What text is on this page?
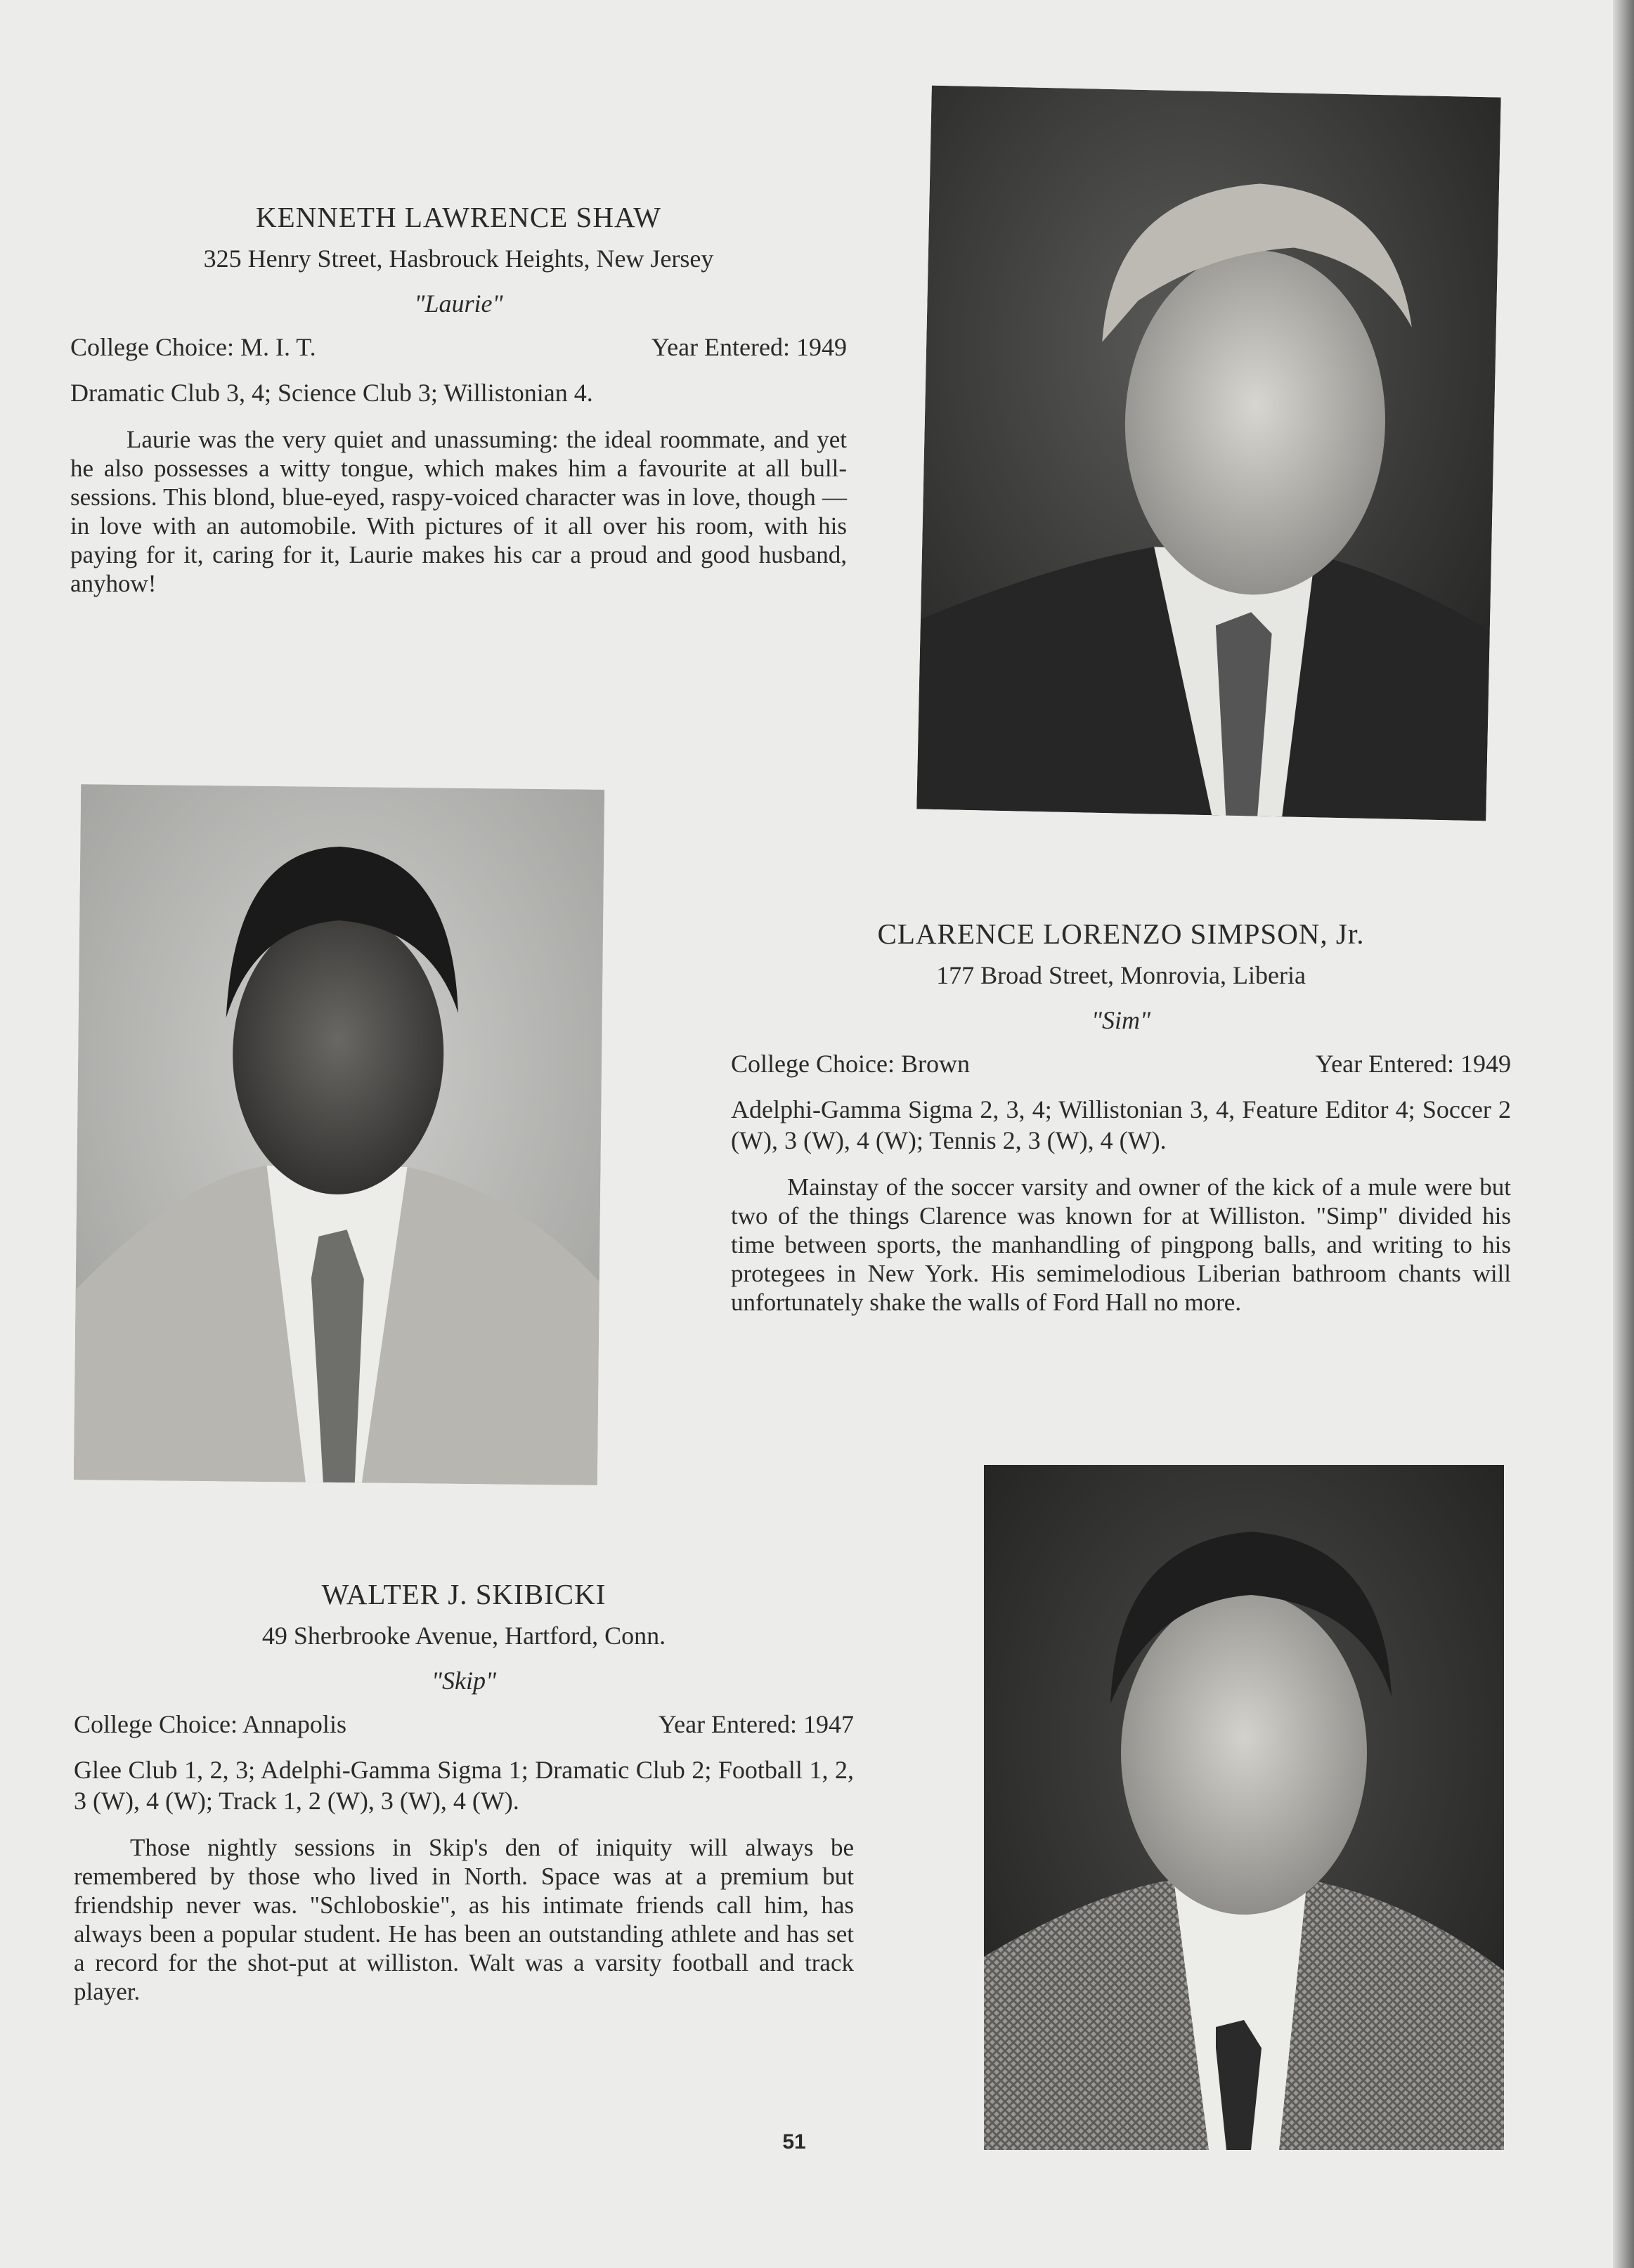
KENNETH LAWRENCE SHAW
325 Henry Street, Hasbrouck Heights, New Jersey
"Laurie"
College Choice: M. I. T.	Year Entered: 1949
Dramatic Club 3, 4; Science Club 3; Willistonian 4.

Laurie was the very quiet and unassuming: the ideal roommate, and yet he also possesses a witty tongue, which makes him a favourite at all bull-sessions. This blond, blue-eyed, raspy-voiced character was in love, though — in love with an automobile. With pictures of it all over his room, with his paying for it, caring for it, Laurie makes his car a proud and good husband, anyhow!

CLARENCE LORENZO SIMPSON, Jr.
177 Broad Street, Monrovia, Liberia
"Sim"
College Choice: Brown	Year Entered: 1949
Adelphi-Gamma Sigma 2, 3, 4; Willistonian 3, 4, Feature Editor 4; Soccer 2 (W), 3 (W), 4 (W); Tennis 2, 3 (W), 4 (W).

Mainstay of the soccer varsity and owner of the kick of a mule were but two of the things Clarence was known for at Williston. "Simp" divided his time between sports, the manhandling of pingpong balls, and writing to his protegees in New York. His semimelodious Liberian bathroom chants will unfortunately shake the walls of Ford Hall no more.

WALTER J. SKIBICKI
49 Sherbrooke Avenue, Hartford, Conn.
"Skip"
College Choice: Annapolis	Year Entered: 1947
Glee Club 1, 2, 3; Adelphi-Gamma Sigma 1; Dramatic Club 2; Football 1, 2, 3 (W), 4 (W); Track 1, 2 (W), 3 (W), 4 (W).

Those nightly sessions in Skip's den of iniquity will always be remembered by those who lived in North. Space was at a premium but friendship never was. "Schloboskie", as his intimate friends call him, has always been a popular student. He has been an outstanding athlete and has set a record for the shot-put at williston. Walt was a varsity football and track player.

51
